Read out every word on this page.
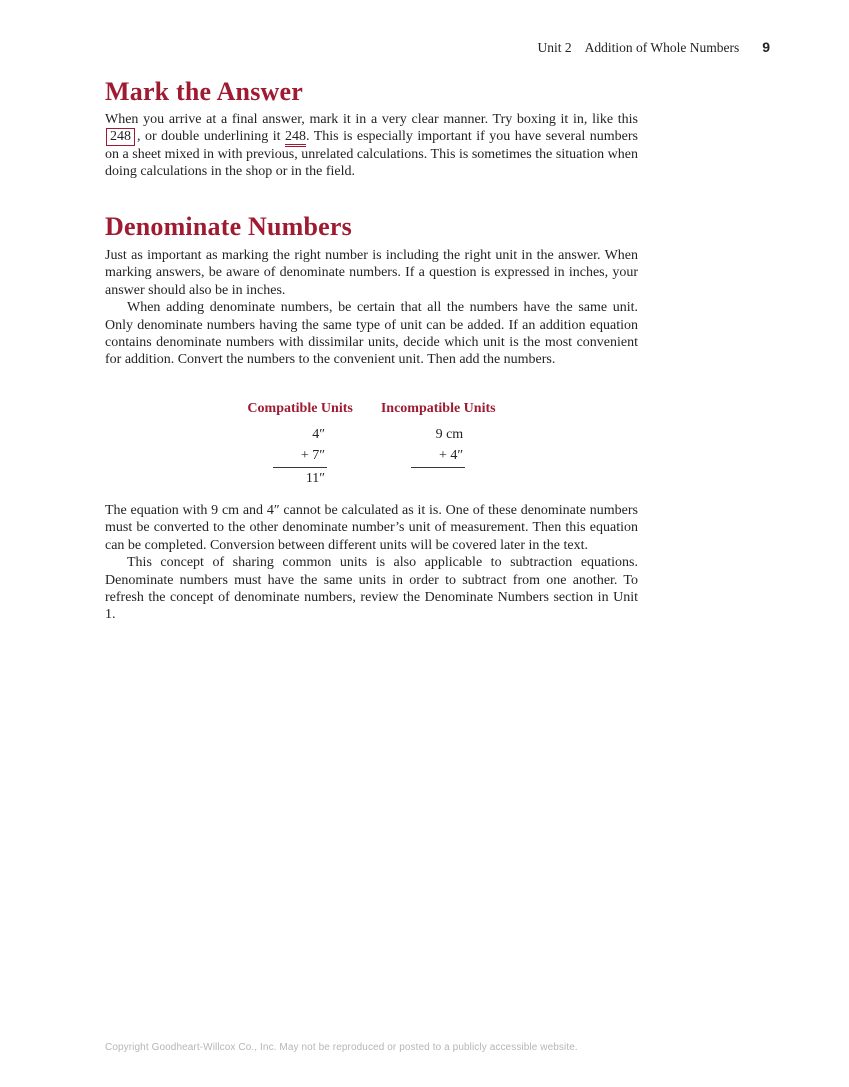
Unit 2 Addition of Whole Numbers 9
Mark the Answer

When you arrive at a final answer, mark it in a very clear manner. Try boxing it in, like this 248 , or double underlining it 248. This is especially important if you have several numbers on a sheet mixed in with previous, unrelated calculations. This is sometimes the situation when doing calculations in the shop or in the field.

Denominate Numbers

Just as important as marking the right number is including the right unit in the answer. When marking answers, be aware of denominate numbers. If a question is expressed in inches, your answer should also be in inches.

When adding denominate numbers, be certain that all the numbers have the same unit. Only denominate numbers having the same type of unit can be added. If an addition equation contains denominate numbers with dissimilar units, decide which unit is the most convenient for addition. Convert the numbers to the convenient unit. Then add the numbers.

Compatible Units
4″
+ 7″
11″
Incompatible Units
9 cm
+ 4″

The equation with 9 cm and 4″ cannot be calculated as it is. One of these denominate numbers must be converted to the other denominate number’s unit of measurement. Then this equation can be completed. Conversion between different units will be covered later in the text.

This concept of sharing common units is also applicable to subtraction equations. Denominate numbers must have the same units in order to subtract from one another. To refresh the concept of denominate numbers, review the Denominate Numbers section in Unit 1.

Copyright Goodheart-Willcox Co., Inc. May not be reproduced or posted to a publicly accessible website.
